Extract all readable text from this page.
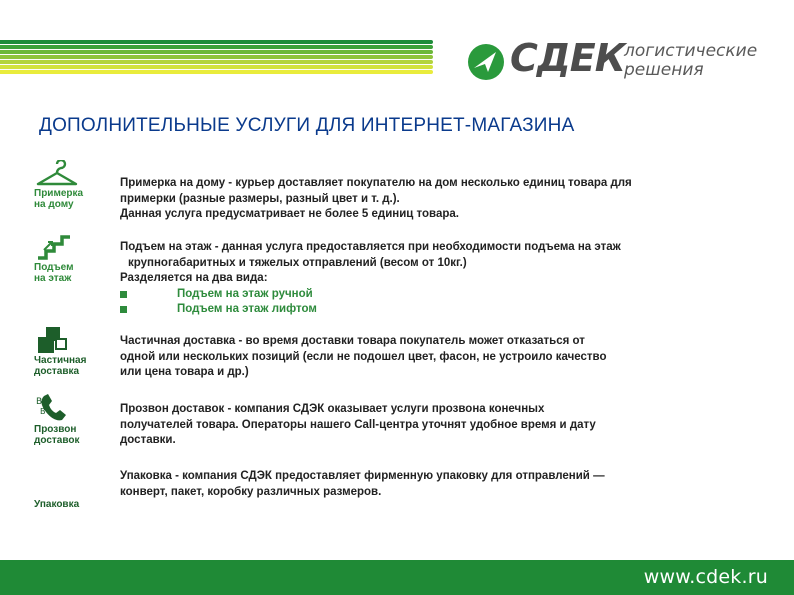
СДЕК логистические
решения
ДОПОЛНИТЕЛЬНЫЕ УСЛУГИ ДЛЯ ИНТЕРНЕТ-МАГАЗИНА
Примерка
на дому

Примерка на дому - курьер доставляет покупателю на дом несколько единиц товара для

примерки (разные размеры, разный цвет и т. д.).

Данная услуга предусматривает не более 5 единиц товара.

Подъем
на этаж

Подъем на этаж - данная услуга предоставляется при необходимости подъема на этаж

крупногабаритных и тяжелых отправлений (весом от 10кг.)

Разделяется на два вида:

Подъем на этаж ручной
Подъем на этаж лифтом
Частичная
доставка

Частичная доставка - во время доставки товара покупатель может отказаться от

одной или нескольких позиций (если не подошел цвет, фасон, не устроило качество

или цена товара и др.)

B
B
Прозвон
доставок

Прозвон доставок - компания СДЭК оказывает услуги прозвона конечных

получателей товара. Операторы нашего Call-центра уточнят удобное время и дату

доставки.

Упаковка

Упаковка - компания СДЭК предоставляет фирменную упаковку для отправлений —

конверт, пакет, коробку различных размеров.

www.cdek.ru
